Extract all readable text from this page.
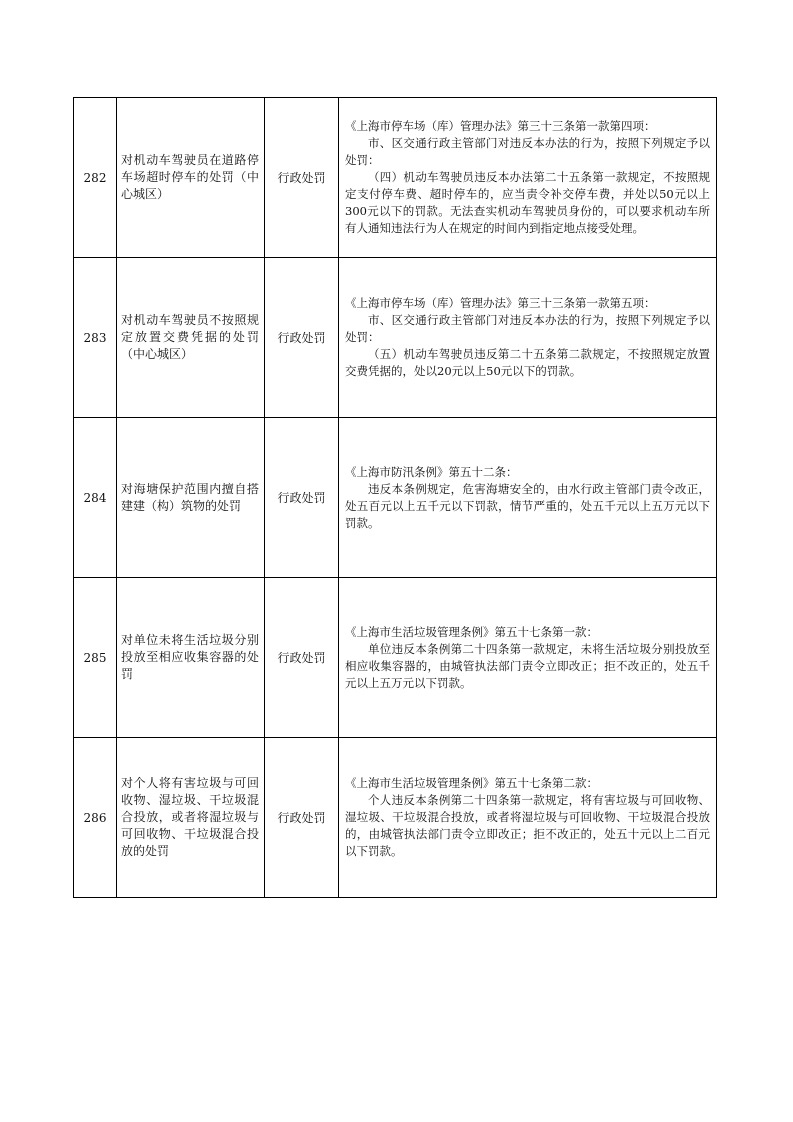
282	对机动车驾驶员在道路停车场超时停车的处罚（中心城区）	行政处罚	《上海市停车场（库）管理办法》第三十三条第一款第四项：

市、区交通行政主管部门对违反本办法的行为，按照下列规定予以处罚：

（四）机动车驾驶员违反本办法第二十五条第一款规定，不按照规定支付停车费、超时停车的，应当责令补交停车费，并处以50元以上300元以下的罚款。无法查实机动车驾驶员身份的，可以要求机动车所有人通知违法行为人在规定的时间内到指定地点接受处理。

283	对机动车驾驶员不按照规定放置交费凭据的处罚（中心城区）	行政处罚	《上海市停车场（库）管理办法》第三十三条第一款第五项：

市、区交通行政主管部门对违反本办法的行为，按照下列规定予以处罚：

（五）机动车驾驶员违反第二十五条第二款规定，不按照规定放置交费凭据的，处以20元以上50元以下的罚款。

284	对海塘保护范围内擅自搭建建（构）筑物的处罚	行政处罚	《上海市防汛条例》第五十二条：

违反本条例规定，危害海塘安全的，由水行政主管部门责令改正，处五百元以上五千元以下罚款，情节严重的，处五千元以上五万元以下罚款。

285	对单位未将生活垃圾分别投放至相应收集容器的处罚	行政处罚	《上海市生活垃圾管理条例》第五十七条第一款：

单位违反本条例第二十四条第一款规定，未将生活垃圾分别投放至相应收集容器的，由城管执法部门责令立即改正；拒不改正的，处五千元以上五万元以下罚款。

286	对个人将有害垃圾与可回收物、湿垃圾、干垃圾混合投放，或者将湿垃圾与可回收物、干垃圾混合投放的处罚	行政处罚	《上海市生活垃圾管理条例》第五十七条第二款：

个人违反本条例第二十四条第一款规定，将有害垃圾与可回收物、湿垃圾、干垃圾混合投放，或者将湿垃圾与可回收物、干垃圾混合投放的，由城管执法部门责令立即改正；拒不改正的，处五十元以上二百元以下罚款。
